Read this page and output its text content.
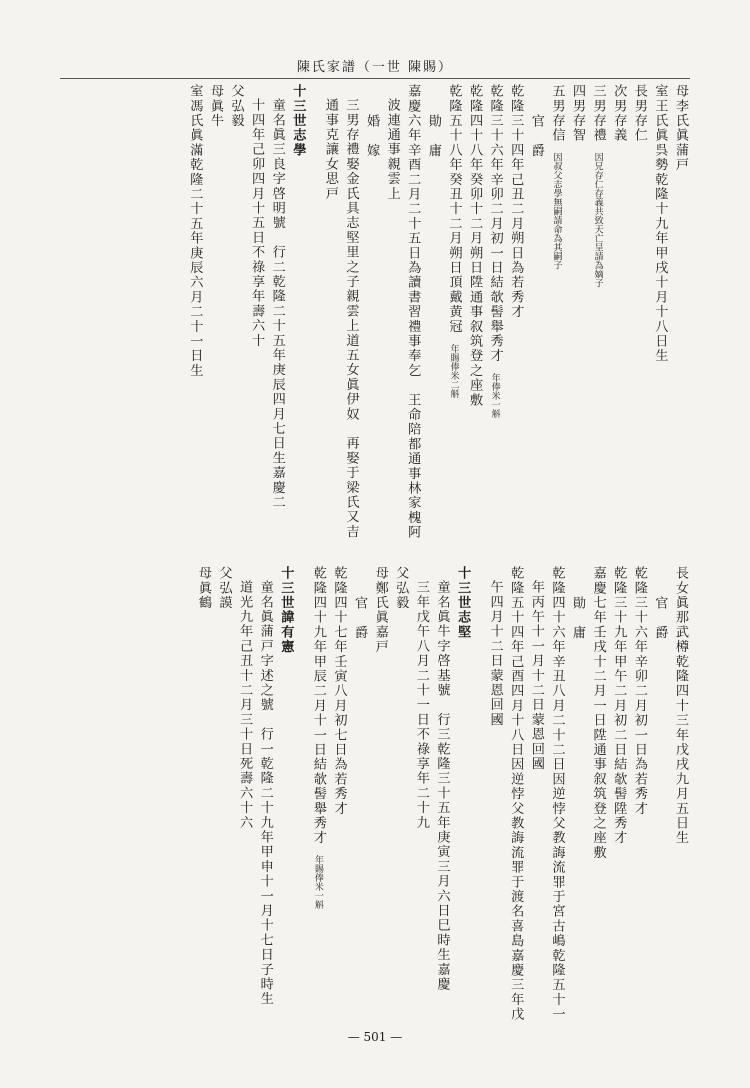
陳氏家譜（一世 陳賜）
母李氏眞蒲戸
室王氏眞呉勢乾隆十九年甲戌十月十八日生
長男存仁
次男存義
三男存禮 因兄存仁存義共致天亡呈請為嫡子
四男存智
五男存信 因叔父志學無嗣請命為其嗣子
官　爵
乾隆三十四年己丑二月朔日為若秀才
乾隆三十六年辛卯二月初一日結欹髻舉秀才 年俸米一斛
乾隆四十八年癸卯十二月朔日陞通事叙筑登之座敷
乾隆五十八年癸丑十二月朔日頂戴黄冠 年賜俸米二斛
勛　庸
嘉慶六年辛酉二月二十五日為讀書習禮事奉乞　王命陪都通事林家槐阿
波連通事親雲上
婚　嫁
三男存禮娶金氏具志堅里之子親雲上道五女眞伊奴　再娶于梁氏又吉
通事克讓女思戸
十三世志學
童名眞三良字啓明號　行二乾隆二十五年庚辰四月七日生嘉慶二
十四年己卯四月十五日不祿享年壽六十
父弘毅
母眞牛
室馮氏眞滿乾隆二十五年庚辰六月二十一日生
長女眞那武樽乾隆四十三年戊戌九月五日生
官　爵
乾隆三十六年辛卯二月初一日為若秀才
乾隆三十九年甲午二月初二日結欹髻陞秀才
嘉慶七年壬戌十二月一日陞通事叙筑登之座敷
勛　庸
乾隆四十六年辛丑八月二十二日因逆悖父教誨流罪于宮古嶋乾隆五十一
年丙午十一月十二日蒙恩回國
乾隆五十四年己酉四月十八日因逆悖父教誨流罪于渡名喜島嘉慶三年戊
午四月十二日蒙恩回國
十三世志堅
童名眞牛字啓基號　行三乾隆三十五年庚寅三月六日巳時生嘉慶
三年戊午八月二十一日不祿享年二十九
父弘毅
母鄭氏眞嘉戸
官　爵
乾隆四十七年壬寅八月初七日為若秀才
乾隆四十九年甲辰二月十一日結欹髻舉秀才 年賜俸米一斛
十三世諱有憲
童名眞蒲戸字述之號　行一乾隆二十九年甲申十一月十七日子時生
道光九年己丑十二月三十日死壽六十六
父弘謨
母眞鶴
— 501 —
